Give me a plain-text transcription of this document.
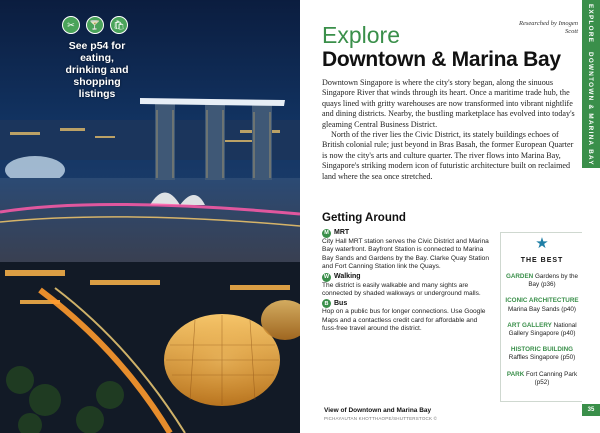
✂	🍸	🛍
See p54 for eating, drinking and shopping listings
View of Downtown and Marina Bay
PICHAYAUTAN KHOTTHAOPE/SHUTTERSTOCK ©
Researched by Imogen Scott
Explore
Downtown & Marina Bay

Downtown Singapore is where the city's story began, along the sinuous Singapore River that winds through its heart. Once a maritime trade hub, the quays lined with gritty warehouses are now transformed into vibrant nightlife and dining districts. Nearby, the bustling marketplace has evolved into today's gleaming Central Business District.

North of the river lies the Civic District, its stately buildings echoes of British colonial rule; just beyond in Bras Basah, the former European Quarter is now the city's arts and culture quarter. The river flows into Marina Bay, Singapore's striking modern icon of futuristic architecture built on reclaimed land where the sea once stretched.

Getting Around
M MRT
City Hall MRT station serves the Civic District and Marina Bay waterfront. Bayfront Station is connected to Marina Bay Sands and Gardens by the Bay. Clarke Quay Station and Fort Canning Station link the Quays.
W Walking
The district is easily walkable and many sights are connected by shaded walkways or underground malls.
B Bus
Hop on a public bus for longer connections. Use Google Maps and a contactless credit card for affordable and fuss-free travel around the district.
★
THE BEST
GARDEN Gardens by the Bay (p36)
ICONIC ARCHITECTURE Marina Bay Sands (p40)
ART GALLERY National Gallery Singapore (p40)
HISTORIC BUILDING Raffles Singapore (p50)
PARK Fort Canning Park (p52)
EXPLORE DOWNTOWN & MARINA BAY
35
